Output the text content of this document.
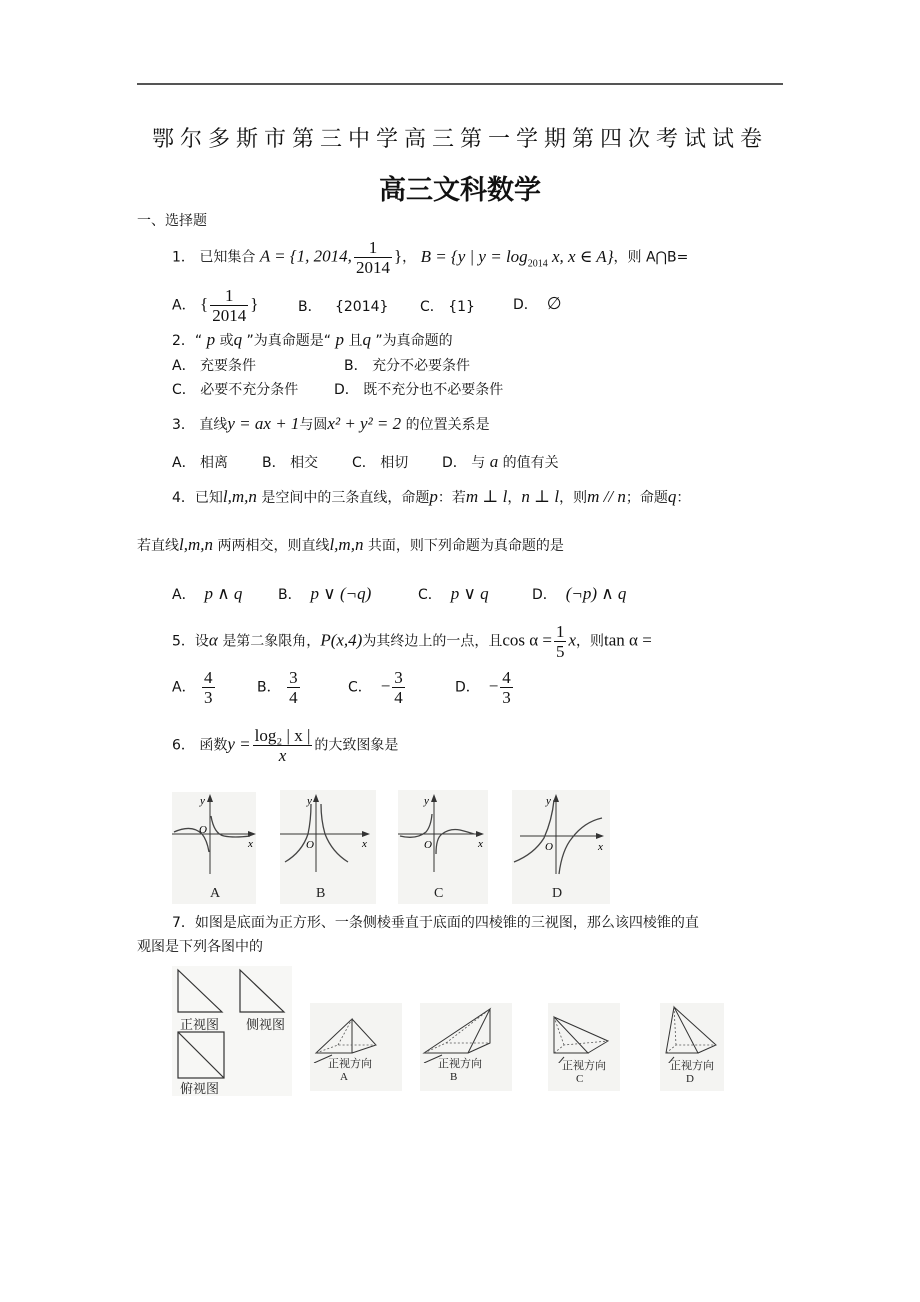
鄂尔多斯市第三中学高三第一学期第四次考试试卷
高三文科数学
一、选择题
1． 已知集合 A = {1, 2014, $\frac{1}{2014}$ }， B = {y | $y = \log_{2014} x$, x ∈ A}，则 A⋂B=
A． { $\frac{1}{2014}$ }	B． {2014} C． {1}	D． ∅
2．“ p 或q ”为真命题是“ p 且q ”为真命题的
A． 充要条件	B． 充分不必要条件
C． 必要不充分条件	D． 既不充分也不必要条件
3． 直线y = ax + 1与圆x² + y² = 2 的位置关系是
A． 相离 B． 相交 C． 相切 D． 与 a 的值有关
4．已知l,m,n 是空间中的三条直线，命题p：若m ⊥ l，n ⊥ l，则m // n；命题q：
若直线l,m,n 两两相交，则直线l,m,n 共面，则下列命题为真命题的是
A． p ∧ q	B． p ∨ (¬q)	C． p ∨ q	D． (¬p) ∧ q
5．设α 是第二象限角，P(x,4)为其终边上的一点，且$\cos \alpha = \frac{1}{5}$ x，则tan α =
A． $\frac{4}{3}$	B． $\frac{3}{4}$	C． − $\frac{3}{4}$	D． − $\frac{4}{3}$
6． 函数$y = \frac{\text{log₂ | x |}}{x}$ 的大致图象是
y
x
O
A
y
x
O
B
y
x
O
C
y
x
O
D
7．如图是底面为正方形、一条侧棱垂直于底面的四棱锥的三视图，那么该四棱锥的直
观图是下列各图中的
正视图 侧视图
俯视图
正视方向
A
正视方向
B
正视方向
C
正视方向
D
